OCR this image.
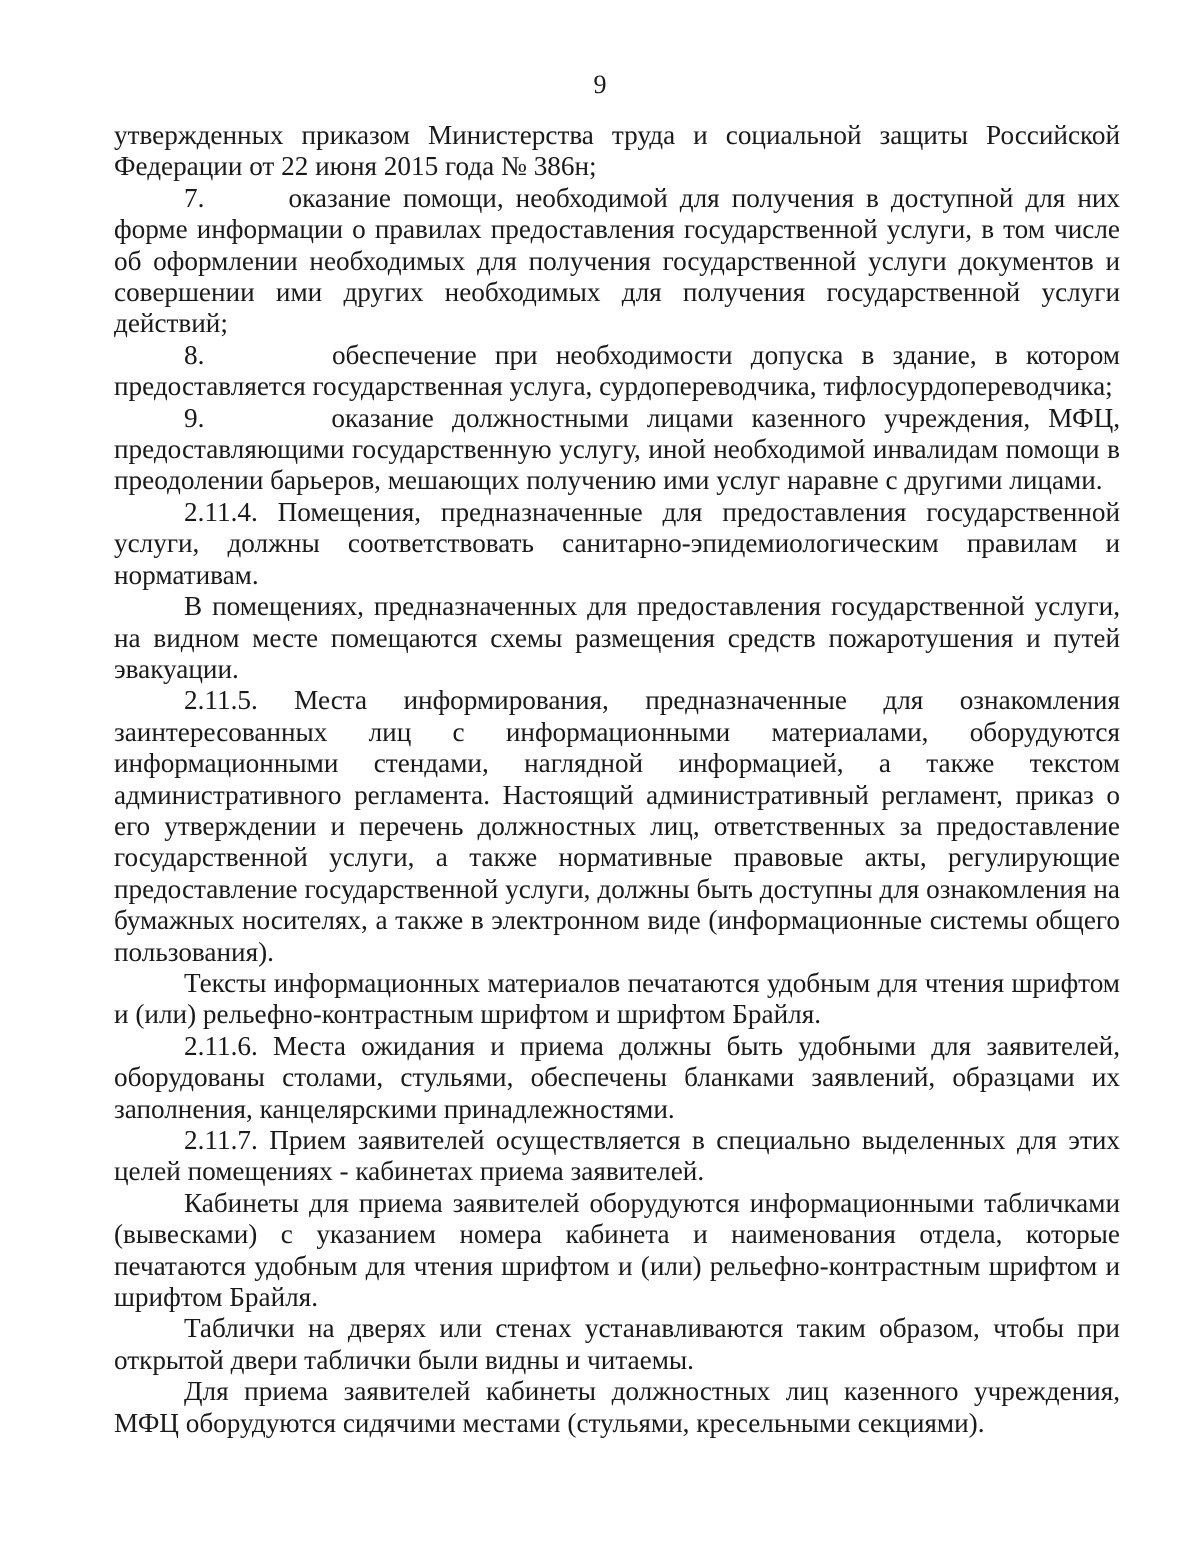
9

утвержденных приказом Министерства труда и социальной защиты Российской Федерации от 22 июня 2015 года № 386н;

7.	оказание помощи, необходимой для получения в доступной для них форме информации о правилах предоставления государственной услуги, в том числе об оформлении необходимых для получения государственной услуги документов и совершении ими других необходимых для получения государственной услуги действий;

8.	обеспечение при необходимости допуска в здание, в котором предоставляется государственная услуга, сурдопереводчика, тифлосурдопереводчика;

9.	оказание должностными лицами казенного учреждения, МФЦ, предоставляющими государственную услугу, иной необходимой инвалидам помощи в преодолении барьеров, мешающих получению ими услуг наравне с другими лицами.

2.11.4. Помещения, предназначенные для предоставления государственной услуги, должны соответствовать санитарно-эпидемиологическим правилам и нормативам.

В помещениях, предназначенных для предоставления государственной услуги, на видном месте помещаются схемы размещения средств пожаротушения и путей эвакуации.

2.11.5. Места информирования, предназначенные для ознакомления заинтересованных лиц с информационными материалами, оборудуются информационными стендами, наглядной информацией, а также текстом административного регламента. Настоящий административный регламент, приказ о его утверждении и перечень должностных лиц, ответственных за предоставление государственной услуги, а также нормативные правовые акты, регулирующие предоставление государственной услуги, должны быть доступны для ознакомления на бумажных носителях, а также в электронном виде (информационные системы общего пользования).

Тексты информационных материалов печатаются удобным для чтения шрифтом и (или) рельефно-контрастным шрифтом и шрифтом Брайля.

2.11.6. Места ожидания и приема должны быть удобными для заявителей, оборудованы столами, стульями, обеспечены бланками заявлений, образцами их заполнения, канцелярскими принадлежностями.

2.11.7. Прием заявителей осуществляется в специально выделенных для этих целей помещениях - кабинетах приема заявителей.

Кабинеты для приема заявителей оборудуются информационными табличками (вывесками) с указанием номера кабинета и наименования отдела, которые печатаются удобным для чтения шрифтом и (или) рельефно-контрастным шрифтом и шрифтом Брайля.

Таблички на дверях или стенах устанавливаются таким образом, чтобы при открытой двери таблички были видны и читаемы.

Для приема заявителей кабинеты должностных лиц казенного учреждения, МФЦ оборудуются сидячими местами (стульями, кресельными секциями).
